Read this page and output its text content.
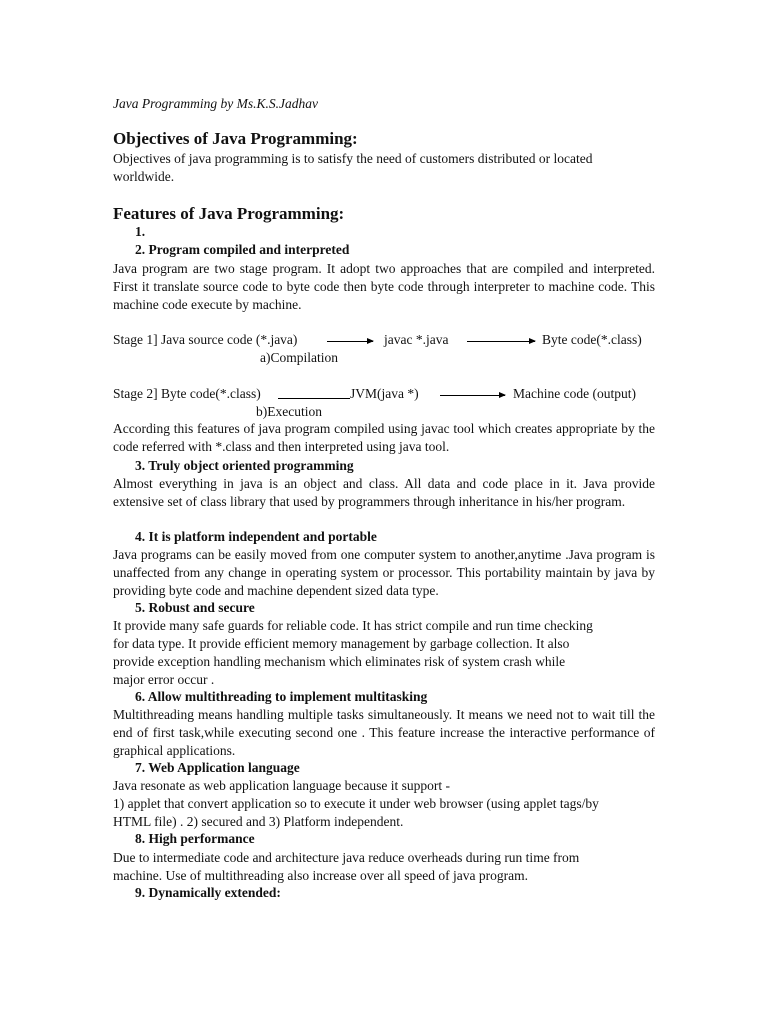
Java Programming by Ms.K.S.Jadhav

Objectives of Java Programming:

Objectives of java programming is to satisfy the need of customers distributed or located

worldwide.

Features of Java Programming:

1.

2. Program compiled and interpreted

Java program are two stage program. It adopt two approaches that are compiled and interpreted. First it translate source code to byte code then byte code through interpreter to machine code. This machine code execute by machine.

Stage 1] Java source code (*.java)	javac *.java	Byte code(*.class)

a)Compilation

Stage 2] Byte code(*.class)	JVM(java *)	Machine code (output)

b)Execution

According this features of java program compiled using javac tool which creates appropriate by the code referred with *.class and then interpreted using java tool.

3. Truly object oriented programming

Almost everything in java is an object and class. All data and code place in it. Java provide extensive set of class library that used by programmers through inheritance in his/her program.

4. It is platform independent and portable

Java programs can be easily moved from one computer system to another,anytime .Java program is unaffected from any change in operating system or processor. This portability maintain by java by providing byte code and machine dependent sized data type.

5. Robust and secure

It provide many safe guards for reliable code. It has strict compile and run time checking

for data type. It provide efficient memory management by garbage collection. It also

provide exception handling mechanism which eliminates risk of system crash while

major error occur .

6. Allow multithreading to implement multitasking

Multithreading means handling multiple tasks simultaneously. It means we need not to wait till the end of first task,while executing second one . This feature increase the interactive performance of graphical applications.

7. Web Application language

Java resonate as web application language because it support -

1) applet that convert application so to execute it under web browser (using applet tags/by

HTML file) . 2) secured and 3) Platform independent.

8. High performance

Due to intermediate code and architecture java reduce overheads during run time from

machine. Use of multithreading also increase over all speed of java program.

9. Dynamically extended:
